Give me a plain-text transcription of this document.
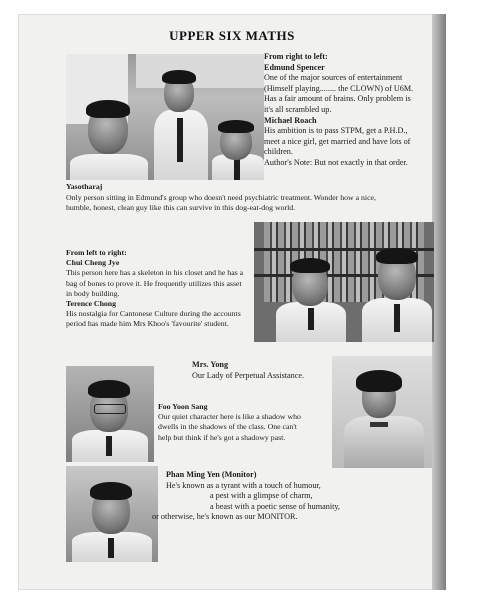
UPPER SIX MATHS
From right to left:
Edmund Spencer
One of the major sources of entertainment
(Himself playing........ the CLOWN) of U6M.
Has a fair amount of brains. Only problem is
it's all scrambled up.
Michael Roach
His ambition is to pass STPM, get a P.H.D.,
meet a nice girl, get married and have lots of
children.
Author's Note: But not exactly in that order.
Yasotharaj
Only person sitting in Edmund's group who doesn't need psychiatric treatment. Wonder how a nice,
humble, honest, clean guy like this can survive in this dog-eat-dog world.
From left to right:
Chui Cheng Jye
This person here has a skeleton in his closet and he has a
bag of bones to prove it. He frequently utilizes this asset
in body building.
Terence Chong
His nostalgia for Cantonese Culture during the accounts
period has made him Mrs Khoo's 'favourite' student.
Mrs. Yong
Our Lady of Perpetual Assistance.
Foo Yoon Sang
Our quiet character here is like a shadow who
dwells in the shadows of the class. One can't
help but think if he's got a shadowy past.
Phan Ming Yen (Monitor)
He's known as a tyrant with a touch of humour,
a pest with a glimpse of charm,
a beast with a poetic sense of humanity,
or otherwise, he's known as our MONITOR.
